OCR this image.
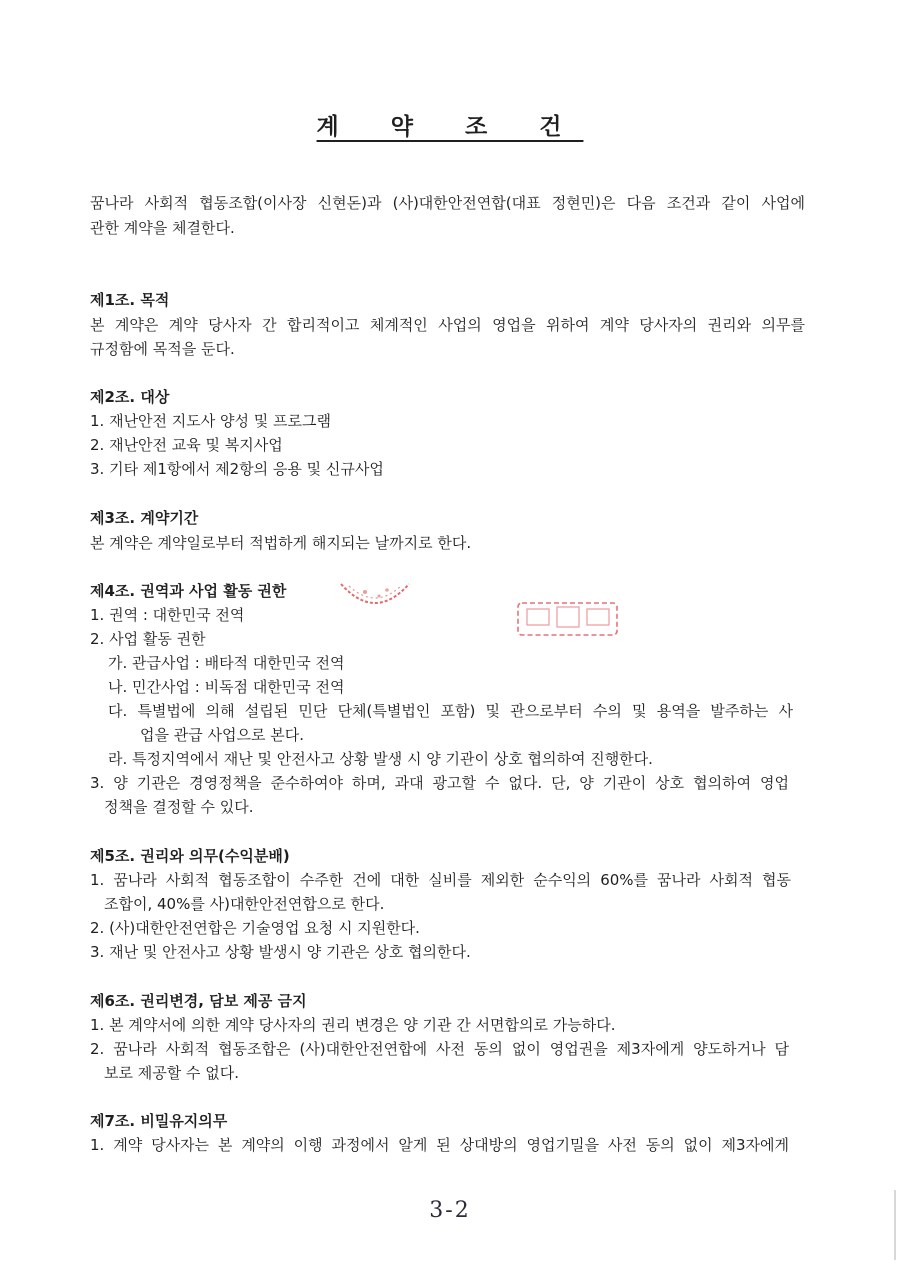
계 약 조 건
꿈나라 사회적 협동조합(이사장 신현돈)과 (사)대한안전연합(대표 정현민)은 다음 조건과 같이 사업에
관한 계약을 체결한다.
제1조. 목적
본 계약은 계약 당사자 간 합리적이고 체계적인 사업의 영업을 위하여 계약 당사자의 권리와 의무를
규정함에 목적을 둔다.
제2조. 대상
1. 재난안전 지도사 양성 및 프로그램
2. 재난안전 교육 및 복지사업
3. 기타 제1항에서 제2항의 응용 및 신규사업
제3조. 계약기간
본 계약은 계약일로부터 적법하게 해지되는 날까지로 한다.
제4조. 권역과 사업 활동 권한
1. 권역 : 대한민국 전역
2. 사업 활동 권한
가. 관급사업 : 배타적 대한민국 전역
나. 민간사업 : 비독점 대한민국 전역
다. 특별법에 의해 설립된 민단 단체(특별법인 포함) 및 관으로부터 수의 및 용역을 발주하는 사
업을 관급 사업으로 본다.
라. 특정지역에서 재난 및 안전사고 상황 발생 시 양 기관이 상호 협의하여 진행한다.
3. 양 기관은 경영정책을 준수하여야 하며, 과대 광고할 수 없다. 단, 양 기관이 상호 협의하여 영업
정책을 결정할 수 있다.
제5조. 권리와 의무(수익분배)
1. 꿈나라 사회적 협동조합이 수주한 건에 대한 실비를 제외한 순수익의 60%를 꿈나라 사회적 협동
조합이, 40%를 사)대한안전연합으로 한다.
2. (사)대한안전연합은 기술영업 요청 시 지원한다.
3. 재난 및 안전사고 상황 발생시 양 기관은 상호 협의한다.
제6조. 권리변경, 담보 제공 금지
1. 본 계약서에 의한 계약 당사자의 권리 변경은 양 기관 간 서면합의로 가능하다.
2. 꿈나라 사회적 협동조합은 (사)대한안전연합에 사전 동의 없이 영업권을 제3자에게 양도하거나 담
보로 제공할 수 없다.
제7조. 비밀유지의무
1. 계약 당사자는 본 계약의 이행 과정에서 알게 된 상대방의 영업기밀을 사전 동의 없이 제3자에게
3-2
